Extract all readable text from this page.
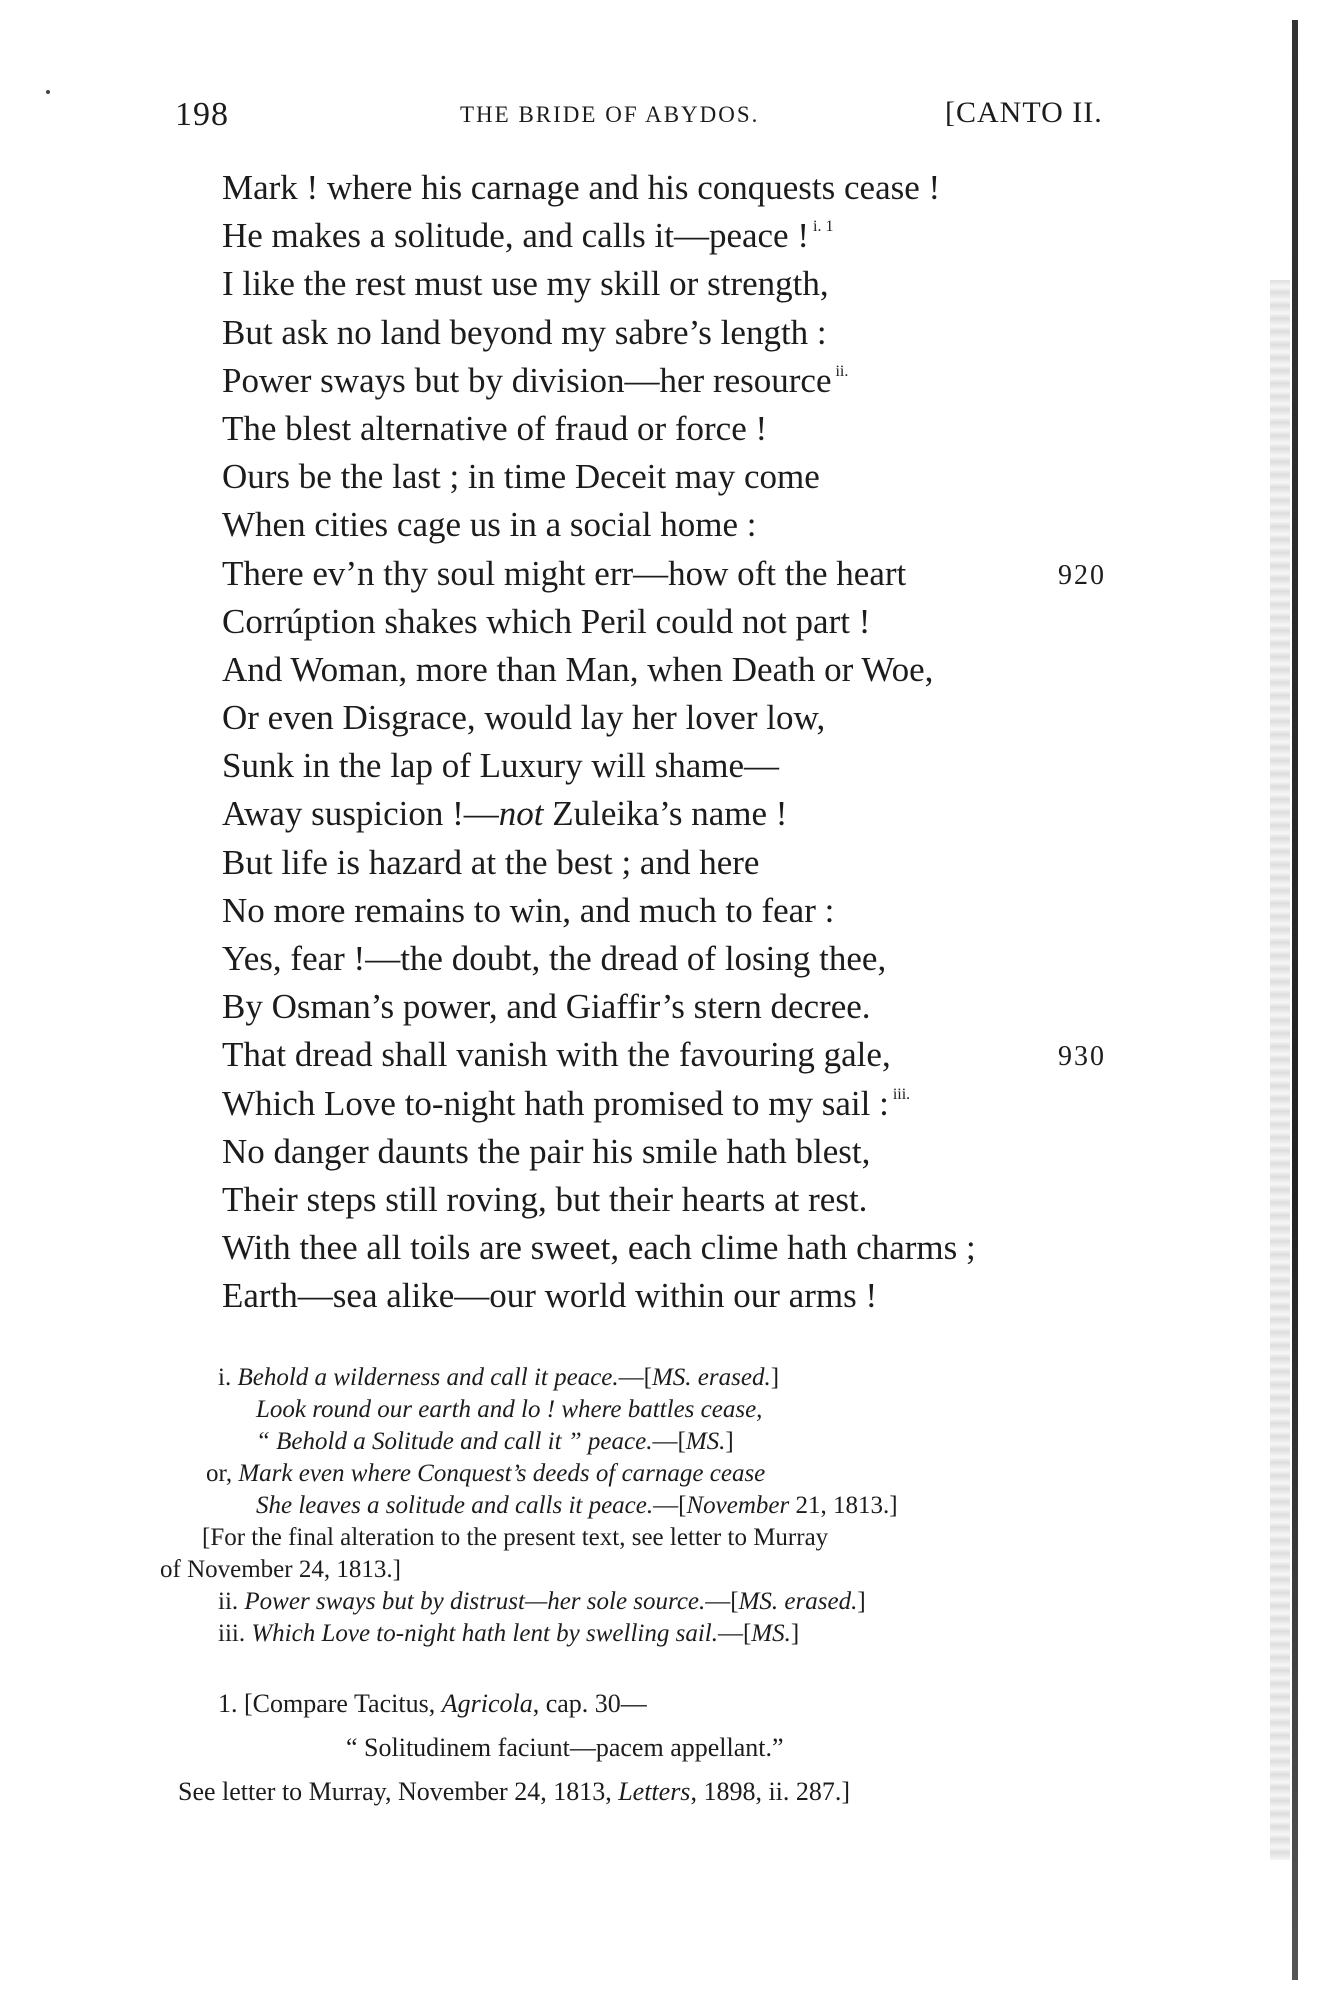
198	THE BRIDE OF ABYDOS.	[CANTO II.
Mark ! where his carnage and his conquests cease !
He makes a solitude, and calls it—peace ! $^{i. 1}$
I like the rest must use my skill or strength,
But ask no land beyond my sabre’s length :
Power sways but by division—her resource $^{ii.}$
The blest alternative of fraud or force !
Ours be the last ; in time Deceit may come
When cities cage us in a social home :
There ev’n thy soul might err—how oft the heart	920
Corrúption shakes which Peril could not part !
And Woman, more than Man, when Death or Woe,
Or even Disgrace, would lay her lover low,
Sunk in the lap of Luxury will shame—
Away suspicion !—not Zuleika’s name !
But life is hazard at the best ; and here
No more remains to win, and much to fear :
Yes, fear !—the doubt, the dread of losing thee,
By Osman’s power, and Giaffir’s stern decree.
That dread shall vanish with the favouring gale,	930
Which Love to-night hath promised to my sail : $^{iii.}$
No danger daunts the pair his smile hath blest,
Their steps still roving, but their hearts at rest.
With thee all toils are sweet, each clime hath charms ;
Earth—sea alike—our world within our arms !
i. Behold a wilderness and call it peace.—[MS. erased.]
Look round our earth and lo ! where battles cease,
“ Behold a Solitude and call it ” peace.—[MS.]
or, Mark even where Conquest’s deeds of carnage cease
She leaves a solitude and calls it peace.—[November 21, 1813.]
[For the final alteration to the present text, see letter to Murray
of November 24, 1813.]
ii. Power sways but by distrust—her sole source.—[MS. erased.]
iii. Which Love to-night hath lent by swelling sail.—[MS.]
1. [Compare Tacitus, Agricola, cap. 30—
“ Solitudinem faciunt—pacem appellant.”
See letter to Murray, November 24, 1813, Letters, 1898, ii. 287.]
